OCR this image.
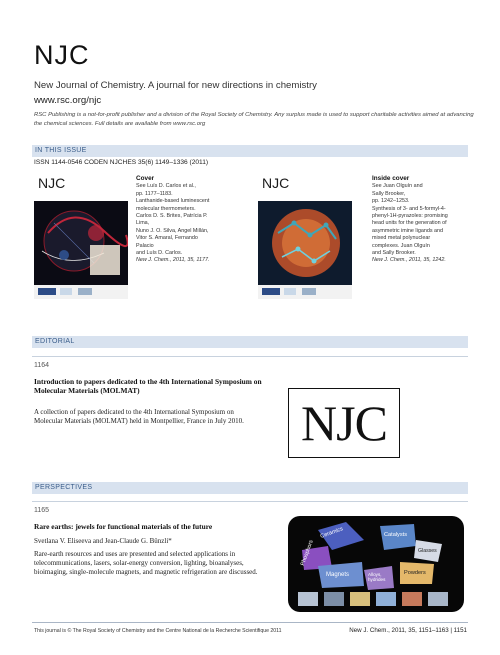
NJC
New Journal of Chemistry. A journal for new directions in chemistry
www.rsc.org/njc
RSC Publishing is a not-for-profit publisher and a division of the Royal Society of Chemistry. Any surplus made is used to support charitable activities aimed at advancing the chemical sciences. Full details are available from www.rsc.org
IN THIS ISSUE
ISSN 1144-0546 CODEN NJCHES 35(6) 1149–1336 (2011)
NJC	Cover
See Luís D. Carlos et al.,
pp. 1177–1183.
Lanthanide-based luminescent
molecular thermometers.
Carlos D. S. Brites, Patrícia P. Lima,
Nuno J. O. Silva, Angel Millán,
Vitor S. Amaral, Fernando Palacio
and Luís D. Carlos.
New J. Chem., 2011, 35, 1177.
NJC	Inside cover
See Juan Olguín and
Sally Brooker,
pp. 1242–1253.
Synthesis of 3- and 5-formyl-4-
phenyl-1H-pyrazoles: promising
head units for the generation of
asymmetric imine ligands and
mixed metal polynuclear
complexes. Juan Olguín
and Sally Brooker.
New J. Chem., 2011, 35, 1242.
EDITORIAL
1164
Introduction to papers dedicated to the 4th International Symposium on Molecular Materials (MOLMAT)
A collection of papers dedicated to the 4th International Symposium on Molecular Materials (MOLMAT) held in Montpellier, France in July 2010.	NJC
PERSPECTIVES
1165
Rare earths: jewels for functional materials of the future
Svetlana V. Eliseeva and Jean-Claude G. Bünzli*
Rare-earth resources and uses are presented and selected applications in telecommunications, lasers, solar-energy conversion, lighting, bioanalyses, bioimaging, single-molecule magnets, and magnetic refrigeration are discussed.
Ceramics
Phosphors
Catalysts
Glasses
Magnets	Alloys, hydrides
Powders
This journal is © The Royal Society of Chemistry and the Centre National de la Recherche Scientifique 2011	New J. Chem., 2011, 35, 1151–1163 | 1151
